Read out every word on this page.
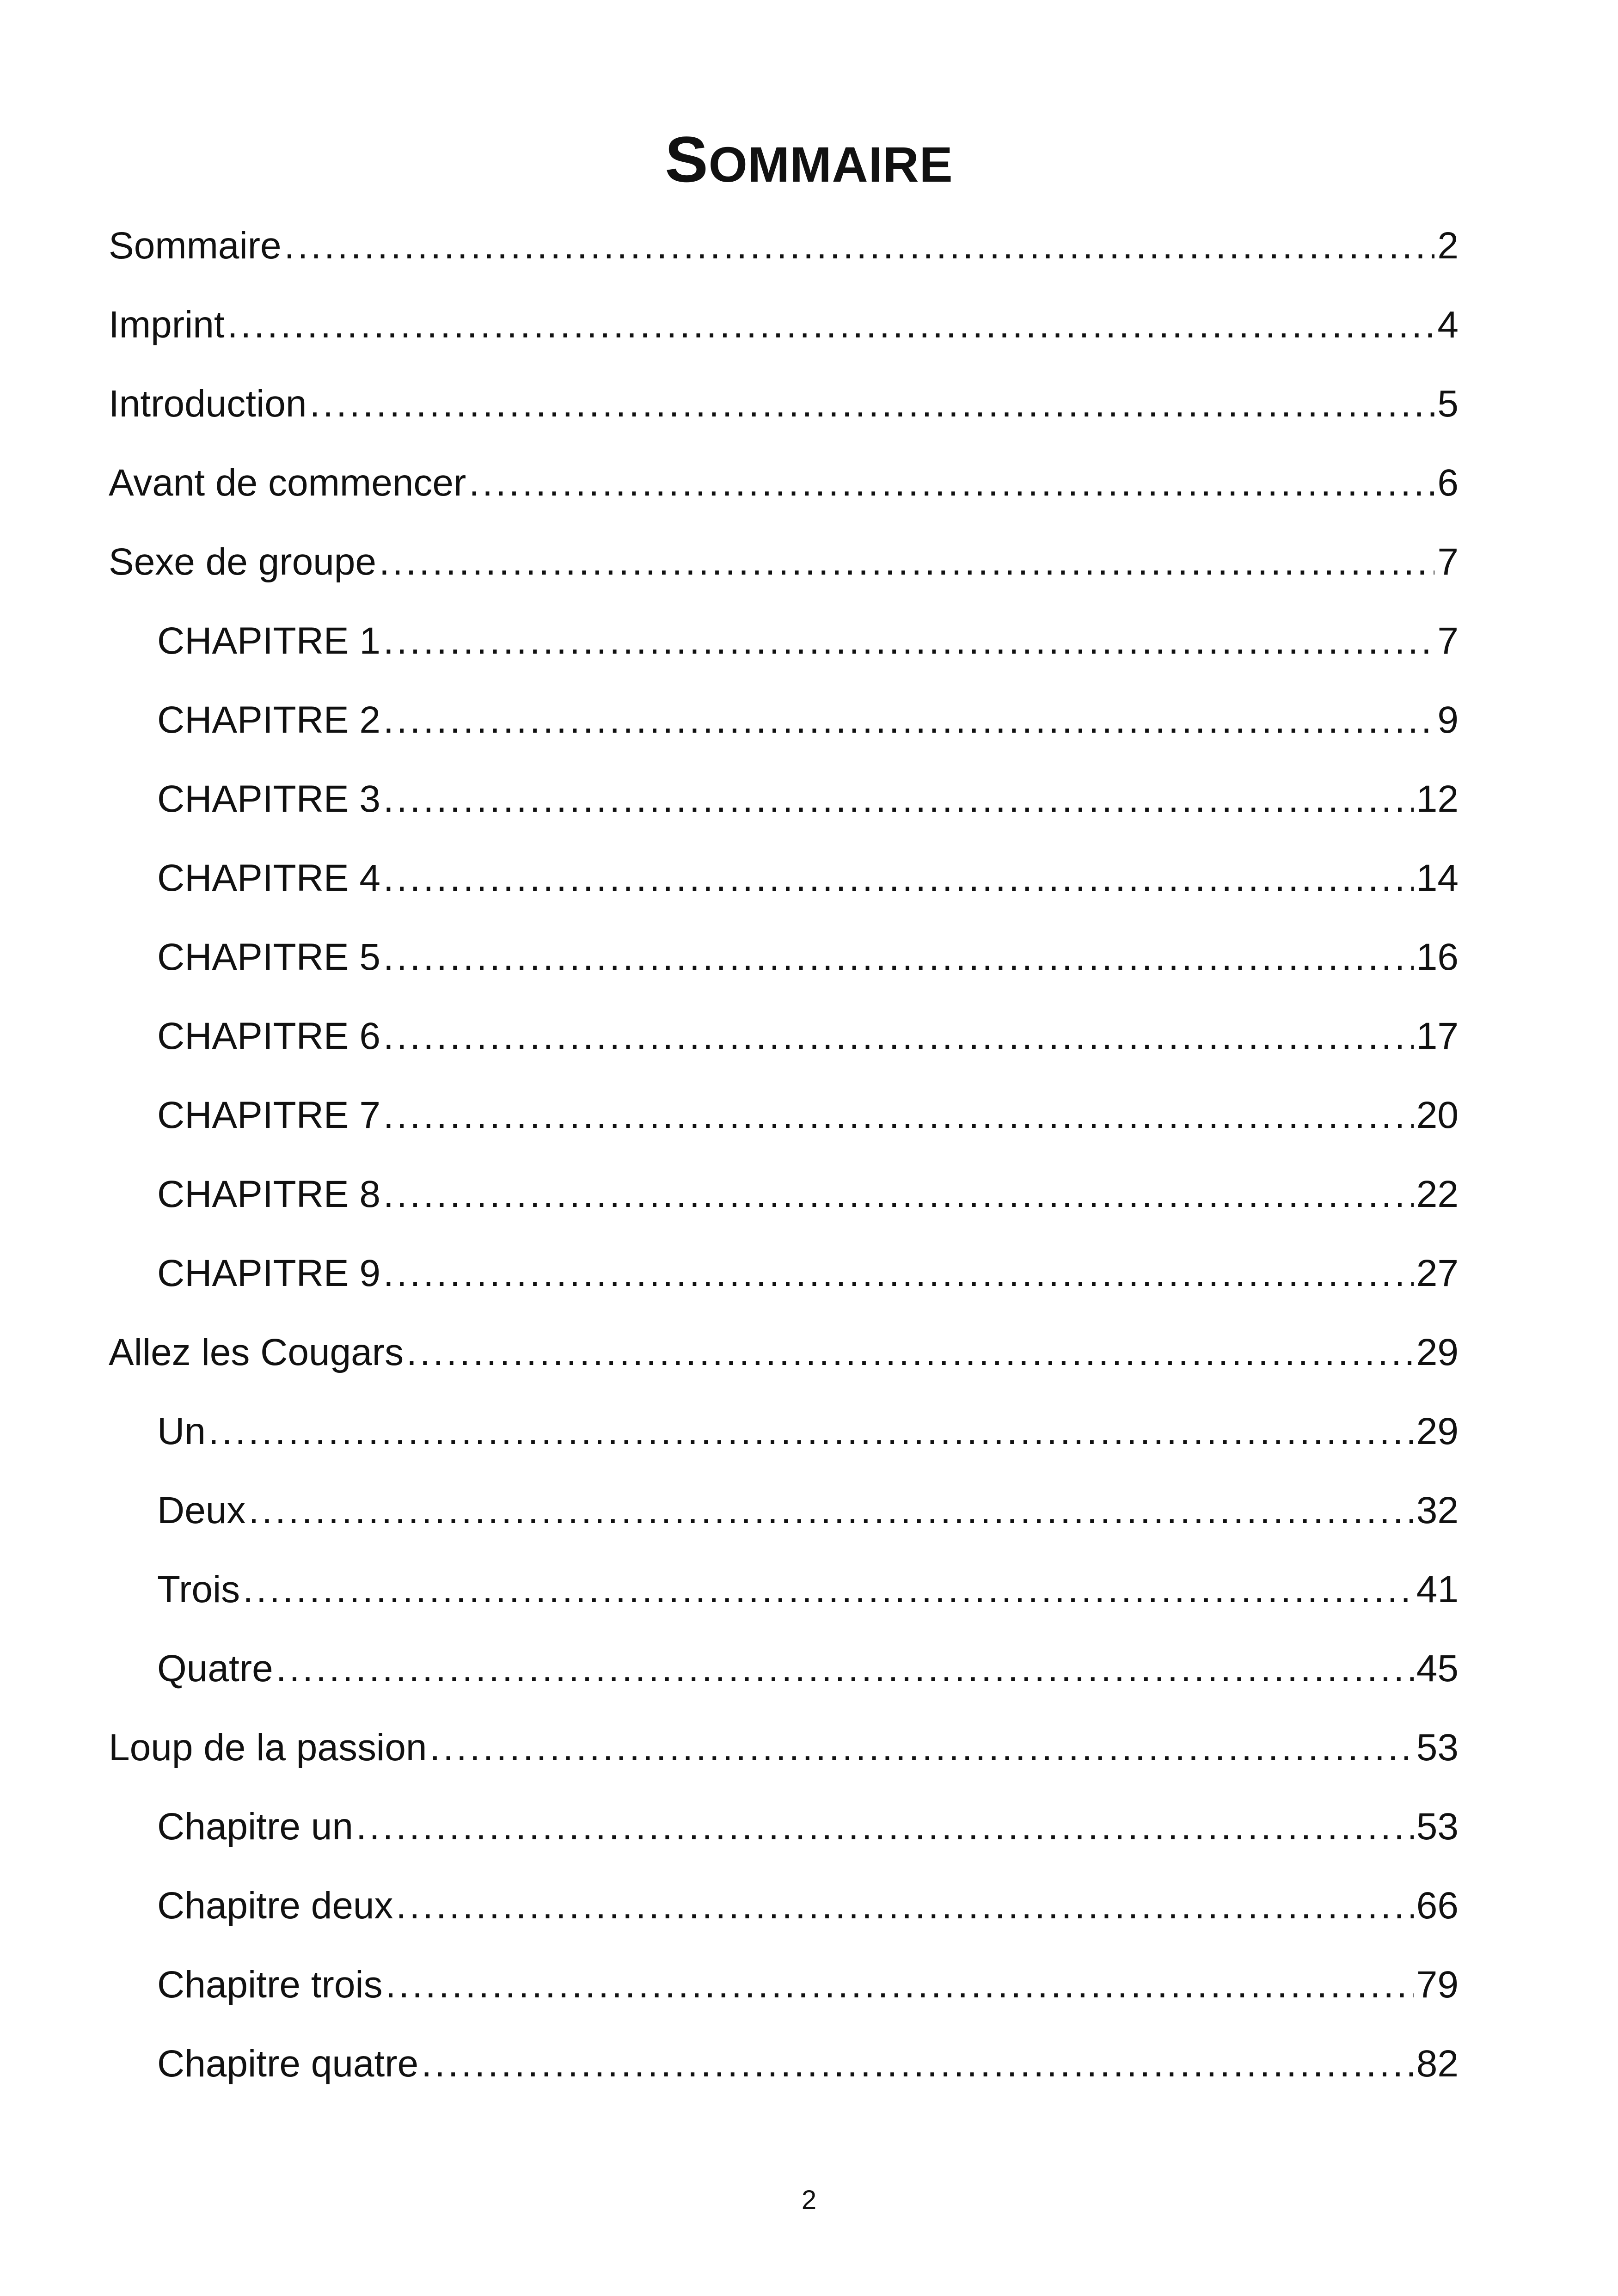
SOMMAIRE
Sommaire .....	2
Imprint .....	4
Introduction .....	5
Avant de commencer .....	6
Sexe de groupe .....	7
CHAPITRE 1 .....	7
CHAPITRE 2 .....	9
CHAPITRE 3 .....	12
CHAPITRE 4 .....	14
CHAPITRE 5 .....	16
CHAPITRE 6 .....	17
CHAPITRE 7 .....	20
CHAPITRE 8 .....	22
CHAPITRE 9 .....	27
Allez les Cougars .....	29
Un .....	29
Deux .....	32
Trois .....	41
Quatre .....	45
Loup de la passion .....	53
Chapitre un .....	53
Chapitre deux .....	66
Chapitre trois .....	79
Chapitre quatre .....	82
2
